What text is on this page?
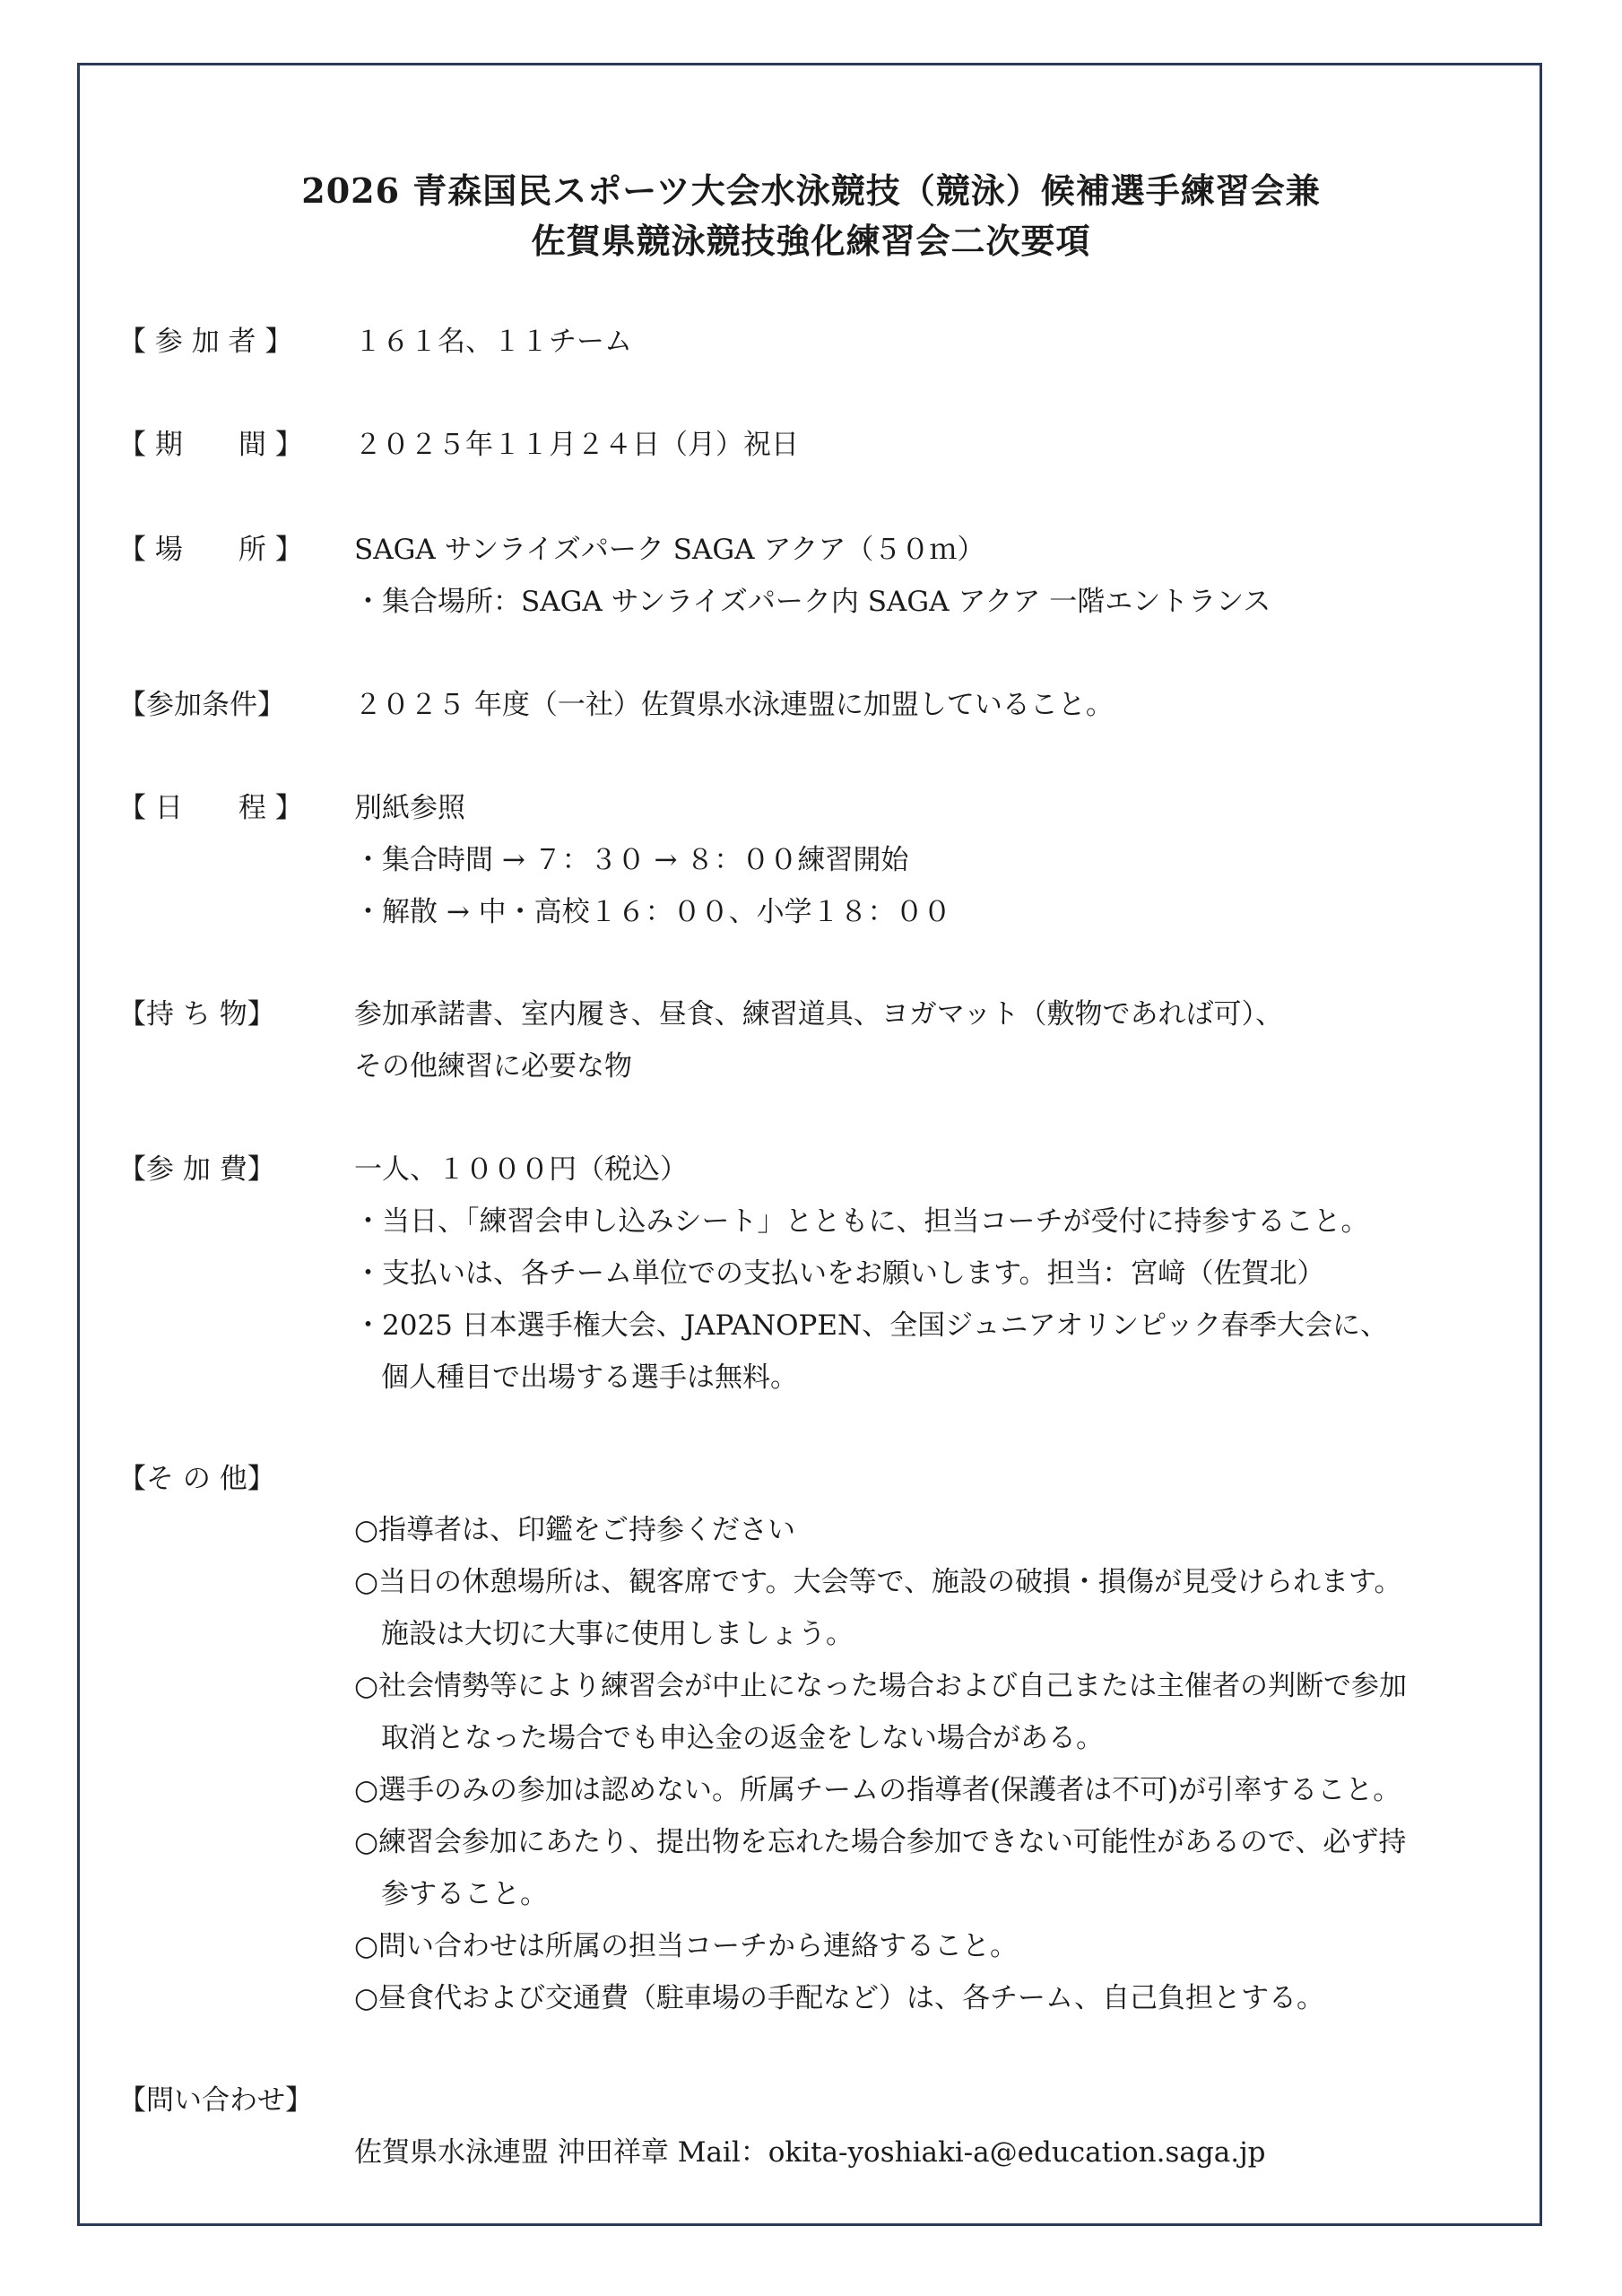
2026 青森国民スポーツ大会水泳競技（競泳）候補選手練習会兼
佐賀県競泳競技強化練習会二次要項
【 参 加 者 】	１６１名、１１チーム
【 期　　間 】	２０２５年１１月２４日（月）祝日
【 場　　所 】	SAGA サンライズパーク SAGA アクア（５０ｍ）
・集合場所：SAGA サンライズパーク内 SAGA アクア 一階エントランス
【参加条件】	２０２５ 年度（一社）佐賀県水泳連盟に加盟していること。
【 日　　程 】	別紙参照
・集合時間 → ７：３０ → ８：００練習開始
・解散 → 中・高校１６：００、小学１８：００
【持 ち 物】	参加承諾書、室内履き、昼食、練習道具、ヨガマット（敷物であれば可）、
その他練習に必要な物
【参 加 費】	一人、１０００円（税込）
・当日、「練習会申し込みシート」とともに、担当コーチが受付に持参すること。
・支払いは、各チーム単位での支払いをお願いします。担当：宮﨑（佐賀北）
・2025 日本選手権大会、JAPANOPEN、全国ジュニアオリンピック春季大会に、
個人種目で出場する選手は無料。
【そ の 他】
○指導者は、印鑑をご持参ください
○当日の休憩場所は、観客席です。大会等で、施設の破損・損傷が見受けられます。
施設は大切に大事に使用しましょう。
○社会情勢等により練習会が中止になった場合および自己または主催者の判断で参加
取消となった場合でも申込金の返金をしない場合がある。
○選手のみの参加は認めない。所属チームの指導者(保護者は不可)が引率すること。
○練習会参加にあたり、提出物を忘れた場合参加できない可能性があるので、必ず持
参すること。
○問い合わせは所属の担当コーチから連絡すること。
○昼食代および交通費（駐車場の手配など）は、各チーム、自己負担とする。
【問い合わせ】
佐賀県水泳連盟 沖田祥章 Mail：okita-yoshiaki-a@education.saga.jp
